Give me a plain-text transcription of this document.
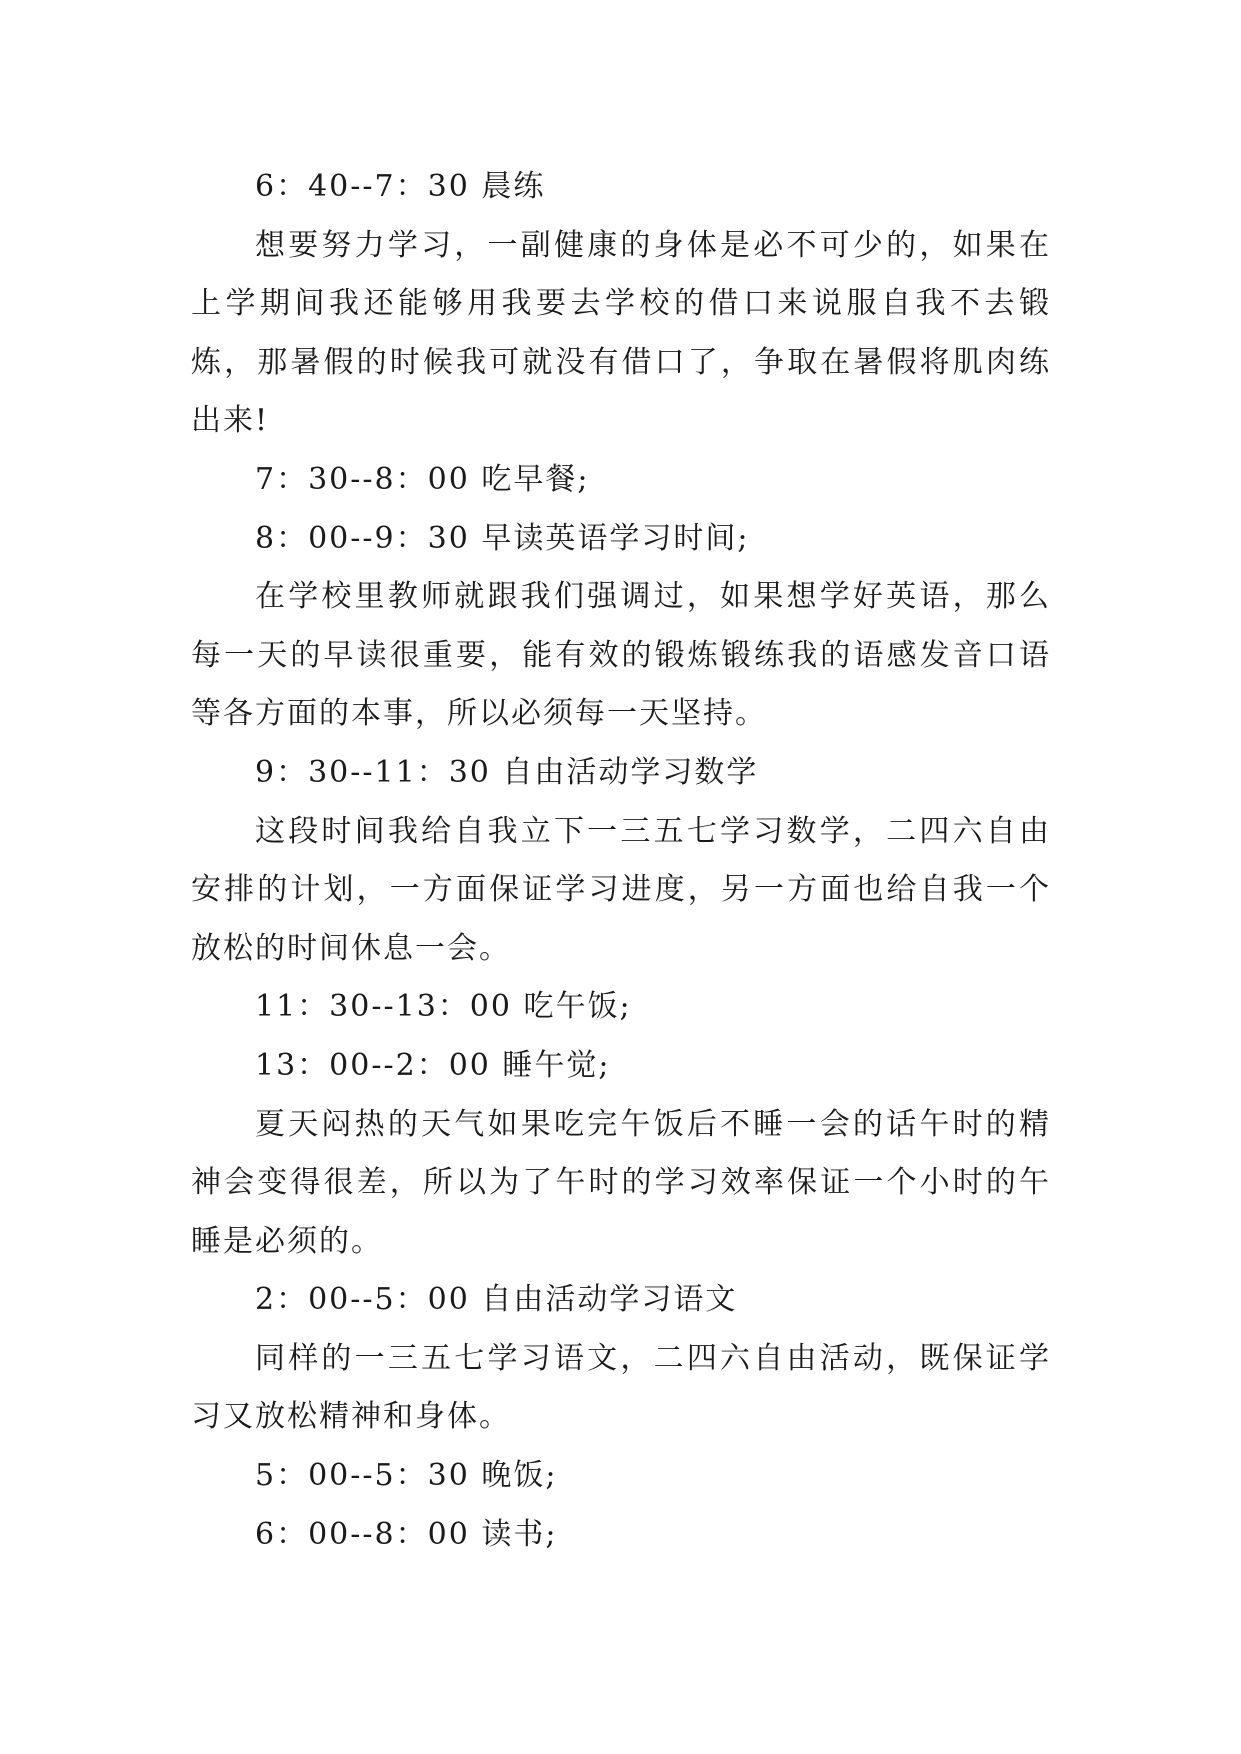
6：40--7：30 晨练

想要努力学习，一副健康的身体是必不可少的，如果在上学期间我还能够用我要去学校的借口来说服自我不去锻炼，那暑假的时候我可就没有借口了，争取在暑假将肌肉练出来!

7：30--8：00 吃早餐;

8：00--9：30 早读英语学习时间;

在学校里教师就跟我们强调过，如果想学好英语，那么每一天的早读很重要，能有效的锻炼锻练我的语感发音口语等各方面的本事，所以必须每一天坚持。

9：30--11：30 自由活动学习数学

这段时间我给自我立下一三五七学习数学，二四六自由安排的计划，一方面保证学习进度，另一方面也给自我一个放松的时间休息一会。

11：30--13：00 吃午饭;

13：00--2：00 睡午觉;

夏天闷热的天气如果吃完午饭后不睡一会的话午时的精神会变得很差，所以为了午时的学习效率保证一个小时的午睡是必须的。

2：00--5：00 自由活动学习语文

同样的一三五七学习语文，二四六自由活动，既保证学习又放松精神和身体。

5：00--5：30 晚饭;

6：00--8：00 读书;
